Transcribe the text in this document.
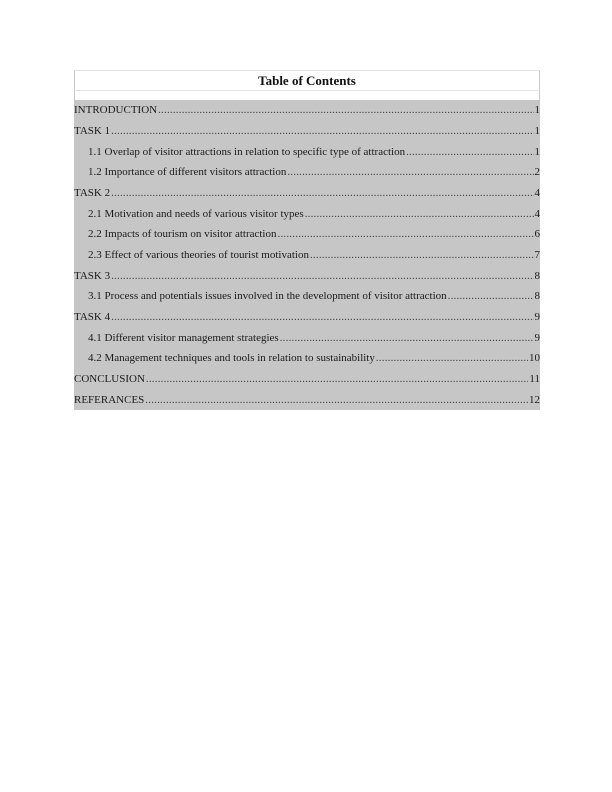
Table of Contents
INTRODUCTION .....	1
TASK 1 .....	1
1.1 Overlap of visitor attractions in relation to specific type of attraction .....	1
1.2 Importance of different visitors attraction .....	2
TASK 2 .....	4
2.1 Motivation and needs of various visitor types .....	4
2.2 Impacts of tourism on visitor attraction .....	6
2.3 Effect of various theories of tourist motivation .....	7
TASK 3 .....	8
3.1 Process and potentials issues involved in the development of visitor attraction .....	8
TASK 4 .....	9
4.1 Different visitor management strategies .....	9
4.2 Management techniques and tools in relation to sustainability .....	10
CONCLUSION .....	11
REFERANCES .....	12
